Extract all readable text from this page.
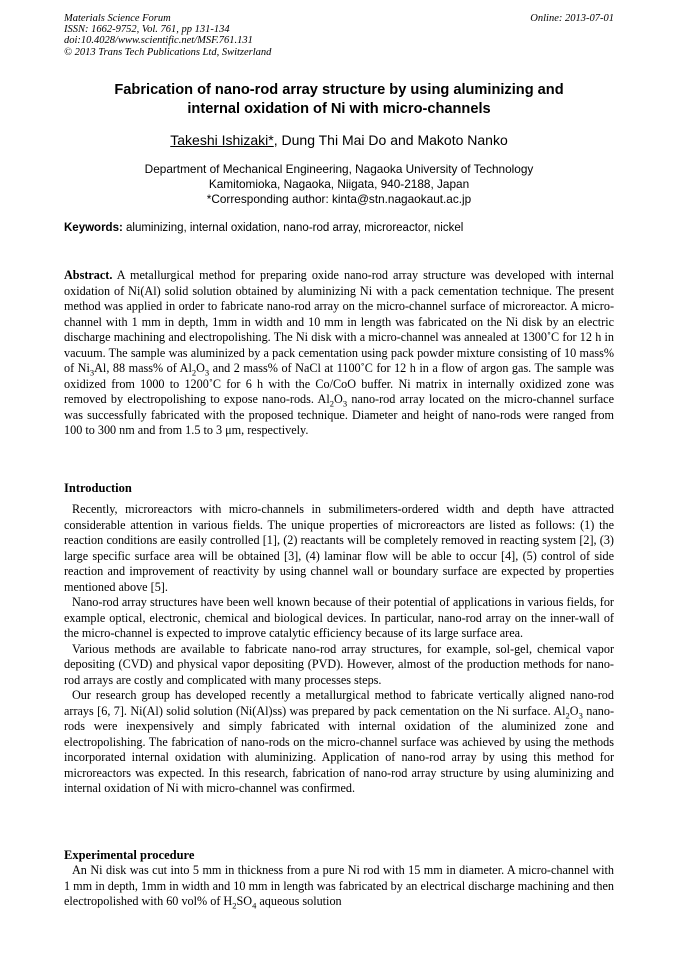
Materials Science Forum
ISSN: 1662-9752, Vol. 761, pp 131-134
doi:10.4028/www.scientific.net/MSF.761.131
© 2013 Trans Tech Publications Ltd, Switzerland
Online: 2013-07-01
Fabrication of nano-rod array structure by using aluminizing and
internal oxidation of Ni with micro-channels
Takeshi Ishizaki*, Dung Thi Mai Do and Makoto Nanko
Department of Mechanical Engineering, Nagaoka University of Technology
Kamitomioka, Nagaoka, Niigata, 940-2188, Japan
*Corresponding author: kinta@stn.nagaokaut.ac.jp
Keywords: aluminizing, internal oxidation, nano-rod array, microreactor, nickel

Abstract. A metallurgical method for preparing oxide nano-rod array structure was developed with internal oxidation of Ni(Al) solid solution obtained by aluminizing Ni with a pack cementation technique. The present method was applied in order to fabricate nano-rod array on the micro-channel surface of microreactor. A micro-channel with 1 mm in depth, 1mm in width and 10 mm in length was fabricated on the Ni disk by an electric discharge machining and electropolishing. The Ni disk with a micro-channel was annealed at 1300˚C for 12 h in vacuum. The sample was aluminized by a pack cementation using pack powder mixture consisting of 10 mass% of $Ni_3Al$, 88 mass% of $Al_2O_3$ and 2 mass% of NaCl at 1100˚C for 12 h in a flow of argon gas. The sample was oxidized from 1000 to 1200˚C for 6 h with the Co/CoO buffer. Ni matrix in internally oxidized zone was removed by electropolishing to expose nano-rods. $Al_2O_3$ nano-rod array located on the micro-channel surface was successfully fabricated with the proposed technique. Diameter and height of nano-rods were ranged from 100 to 300 nm and from 1.5 to 3 μm, respectively.

Introduction

Recently, microreactors with micro-channels in submilimeters-ordered width and depth have attracted considerable attention in various fields. The unique properties of microreactors are listed as follows: (1) the reaction conditions are easily controlled [1], (2) reactants will be completely removed in reacting system [2], (3) large specific surface area will be obtained [3], (4) laminar flow will be able to occur [4], (5) control of side reaction and improvement of reactivity by using channel wall or boundary surface are expected by properties mentioned above [5].

Nano-rod array structures have been well known because of their potential of applications in various fields, for example optical, electronic, chemical and biological devices. In particular, nano-rod array on the inner-wall of the micro-channel is expected to improve catalytic efficiency because of its large surface area.

Various methods are available to fabricate nano-rod array structures, for example, sol-gel, chemical vapor depositing (CVD) and physical vapor depositing (PVD). However, almost of the production methods for nano-rod arrays are costly and complicated with many processes steps.

Our research group has developed recently a metallurgical method to fabricate vertically aligned nano-rod arrays [6, 7]. Ni(Al) solid solution (Ni(Al)ss) was prepared by pack cementation on the Ni surface. $Al_2O_3$ nano-rods were inexpensively and simply fabricated with internal oxidation of the aluminized zone and electropolishing. The fabrication of nano-rods on the micro-channel surface was achieved by using the methods incorporated internal oxidation with aluminizing. Application of nano-rod array by using this method for microreactors was expected. In this research, fabrication of nano-rod array structure by using aluminizing and internal oxidation of Ni with micro-channel was confirmed.

Experimental procedure

An Ni disk was cut into 5 mm in thickness from a pure Ni rod with 15 mm in diameter. A micro-channel with 1 mm in depth, 1mm in width and 10 mm in length was fabricated by an electrical discharge machining and then electropolished with 60 vol% of $H_2SO_4$ aqueous solution
